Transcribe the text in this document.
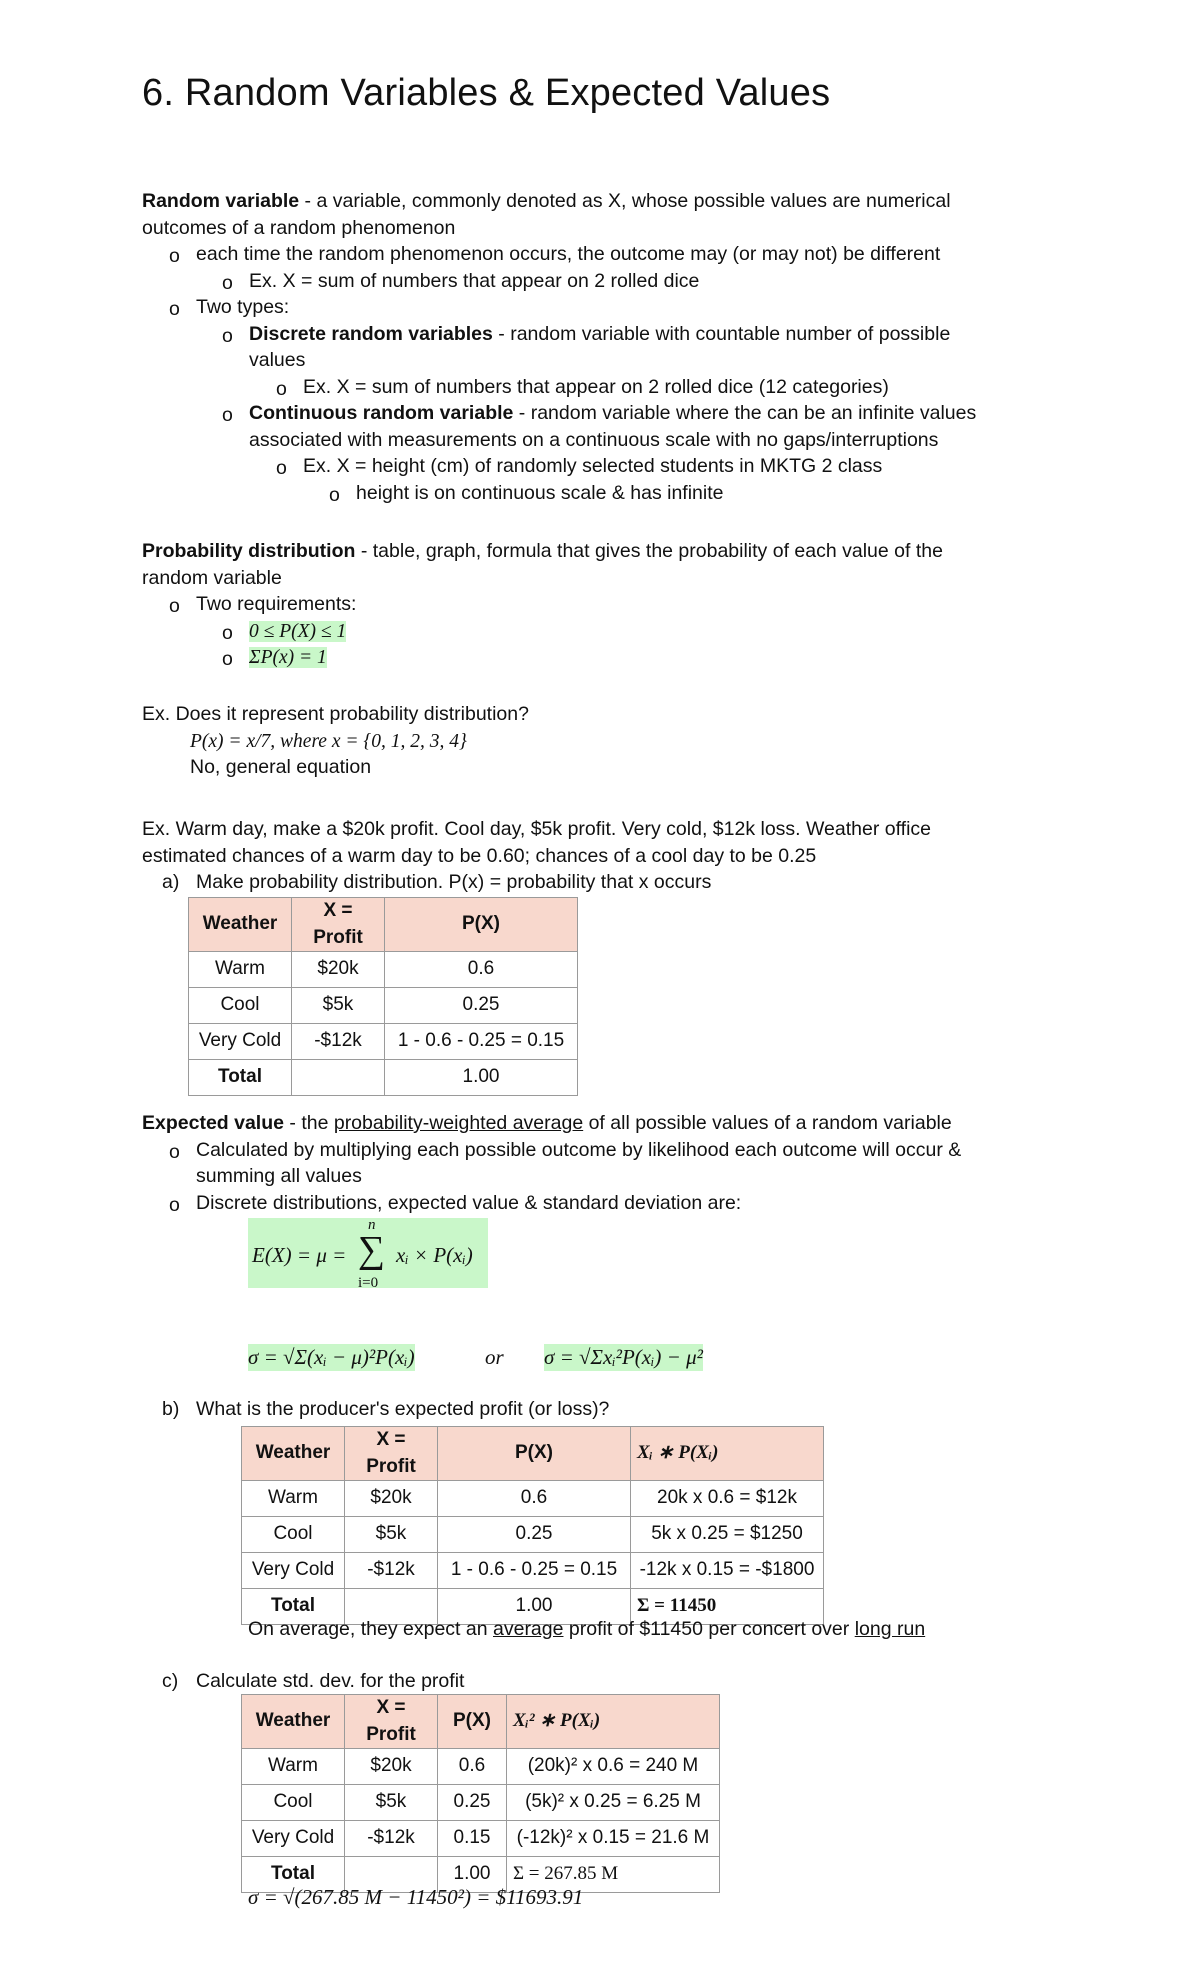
6. Random Variables & Expected Values
Random variable - a variable, commonly denoted as X, whose possible values are numerical
outcomes of a random phenomenon
o each time the random phenomenon occurs, the outcome may (or may not) be different
o Ex. X = sum of numbers that appear on 2 rolled dice
o Two types:
o Discrete random variables - random variable with countable number of possible
values
o Ex. X = sum of numbers that appear on 2 rolled dice (12 categories)
o Continuous random variable - random variable where the can be an infinite values
associated with measurements on a continuous scale with no gaps/interruptions
o Ex. X = height (cm) of randomly selected students in MKTG 2 class
o height is on continuous scale & has infinite
Probability distribution - table, graph, formula that gives the probability of each value of the
random variable
o Two requirements:
o 0 ≤ P(X) ≤ 1
o ΣP(x) = 1
Ex. Does it represent probability distribution?
P(x) = x/7, where x = {0, 1, 2, 3, 4}
No, general equation
Ex. Warm day, make a $20k profit. Cool day, $5k profit. Very cold, $12k loss. Weather office
estimated chances of a warm day to be 0.60; chances of a cool day to be 0.25
a) Make probability distribution. P(x) = probability that x occurs
Weather	X = Profit	P(X)
Warm	$20k	0.6
Cool	$5k	0.25
Very Cold	-$12k	1 - 0.6 - 0.25 = 0.15
Total		1.00
Expected value - the probability-weighted average of all possible values of a random variable
o Calculated by multiplying each possible outcome by likelihood each outcome will occur &
summing all values
o Discrete distributions, expected value & standard deviation are:
E(X) = μ =
n
∑
i=0
xᵢ × P(xᵢ)
σ = √Σ(xᵢ − μ)²P(xᵢ)	or σ = √Σxᵢ²P(xᵢ) − μ²
b) What is the producer's expected profit (or loss)?
Weather	X = Profit	P(X)	Xᵢ ∗ P(Xᵢ)
Warm	$20k	0.6	20k x 0.6 = $12k
Cool	$5k	0.25	5k x 0.25 = $1250
Very Cold	-$12k	1 - 0.6 - 0.25 = 0.15	-12k x 0.15 = -$1800
Total		1.00	Σ = 11450
On average, they expect an average profit of $11450 per concert over long run
c) Calculate std. dev. for the profit
Weather	X = Profit	P(X)	Xᵢ² ∗ P(Xᵢ)
Warm	$20k	0.6	(20k)² x 0.6 = 240 M
Cool	$5k	0.25	(5k)² x 0.25 = 6.25 M
Very Cold	-$12k	0.15	(-12k)² x 0.15 = 21.6 M
Total		1.00	Σ = 267.85 M
σ = √(267.85 M − 11450²) = $11693.91
